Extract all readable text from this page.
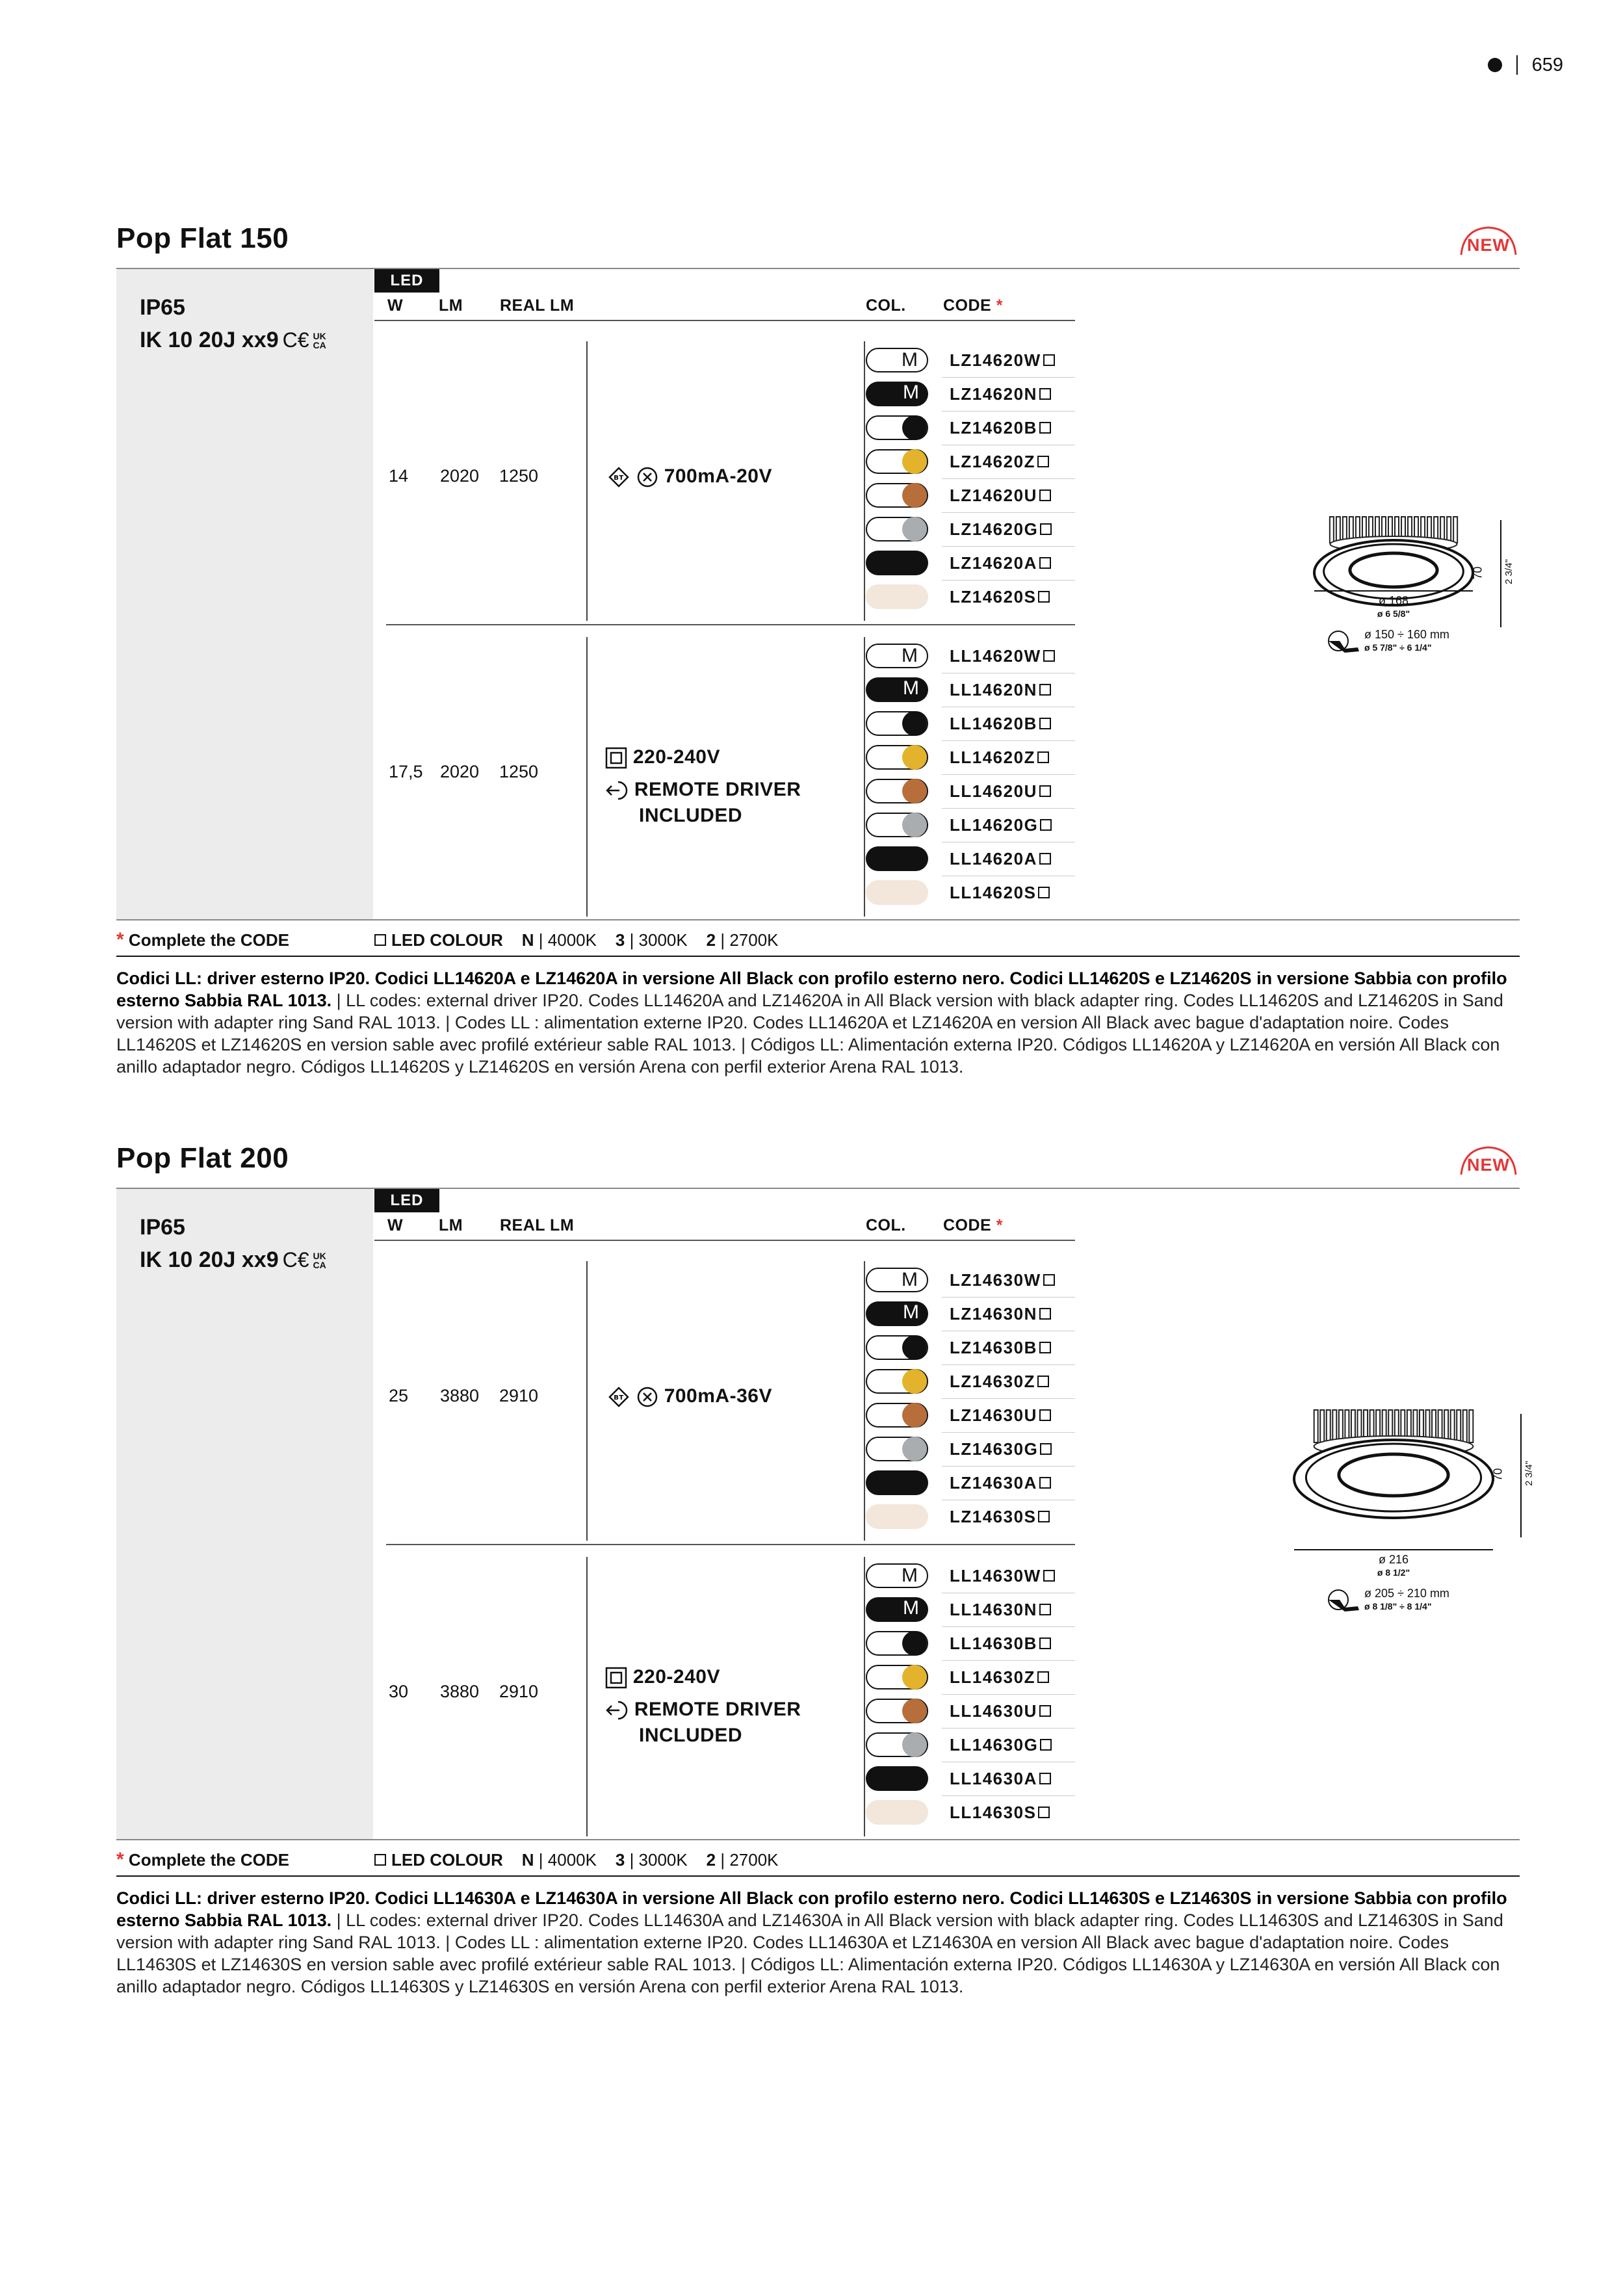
659
Pop Flat 150	NEW
IP65
IK 10 20J xx9 C€ UK CA
LED
W LM REAL LM	COL. CODE *
14 2020 1250	BT 700mA-20V
M LZ14620W
M LZ14620N
LZ14620B
LZ14620Z
LZ14620U
LZ14620G
LZ14620A
LZ14620S
17,5 2020 1250
220-240V
REMOTE DRIVER
INCLUDED
M LL14620W
M LL14620N
LL14620B
LL14620Z
LL14620U
LL14620G
LL14620A
LL14620S
* Complete the CODE	LED COLOUR N | 4000K 3 | 3000K 2 | 2700K
Codici LL: driver esterno IP20. Codici LL14620A e LZ14620A in versione All Black con profilo esterno nero. Codici LL14620S e LZ14620S in versione Sabbia con profilo esterno Sabbia RAL 1013. | LL codes: external driver IP20. Codes LL14620A and LZ14620A in All Black version with black adapter ring. Codes LL14620S and LZ14620S in Sand version with adapter ring Sand RAL 1013. | Codes LL : alimentation externe IP20. Codes LL14620A et LZ14620A en version All Black avec bague d'adaptation noire. Codes LL14620S et LZ14620S en version sable avec profilé extérieur sable RAL 1013. | Códigos LL: Alimentación externa IP20. Códigos LL14620A y LZ14620A en versión All Black con anillo adaptador negro. Códigos LL14620S y LZ14620S en versión Arena con perfil exterior Arena RAL 1013.
70 2 3/4"
ø 168
ø 6 5/8"
ø 150 ÷ 160 mm
ø 5 7/8" ÷ 6 1/4"
Pop Flat 200	NEW
IP65
IK 10 20J xx9 C€ UK CA
LED
W LM REAL LM	COL. CODE *
25 3880 2910	BT 700mA-36V
M LZ14630W
M LZ14630N
LZ14630B
LZ14630Z
LZ14630U
LZ14630G
LZ14630A
LZ14630S
30 3880 2910
220-240V
REMOTE DRIVER
INCLUDED
M LL14630W
M LL14630N
LL14630B
LL14630Z
LL14630U
LL14630G
LL14630A
LL14630S
* Complete the CODE	LED COLOUR N | 4000K 3 | 3000K 2 | 2700K
Codici LL: driver esterno IP20. Codici LL14630A e LZ14630A in versione All Black con profilo esterno nero. Codici LL14630S e LZ14630S in versione Sabbia con profilo esterno Sabbia RAL 1013. | LL codes: external driver IP20. Codes LL14630A and LZ14630A in All Black version with black adapter ring. Codes LL14630S and LZ14630S in Sand version with adapter ring Sand RAL 1013. | Codes LL : alimentation externe IP20. Codes LL14630A et LZ14630A en version All Black avec bague d'adaptation noire. Codes LL14630S et LZ14630S en version sable avec profilé extérieur sable RAL 1013. | Códigos LL: Alimentación externa IP20. Códigos LL14630A y LZ14630A en versión All Black con anillo adaptador negro. Códigos LL14630S y LZ14630S en versión Arena con perfil exterior Arena RAL 1013.
70 2 3/4"
ø 216
ø 8 1/2"
ø 205 ÷ 210 mm
ø 8 1/8" ÷ 8 1/4"
